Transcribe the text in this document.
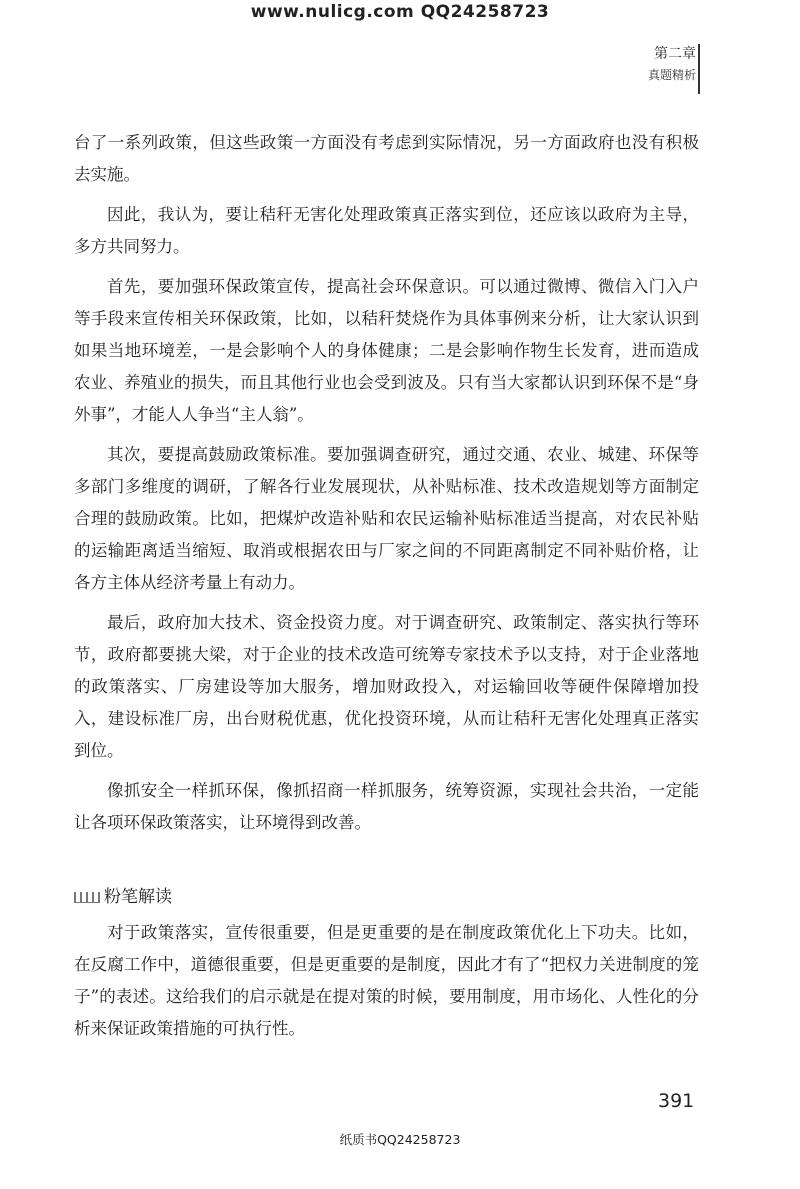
www.nulicg.com QQ24258723
第二章
真题精析

台了一系列政策，但这些政策一方面没有考虑到实际情况，另一方面政府也没有积极去实施。

因此，我认为，要让秸秆无害化处理政策真正落实到位，还应该以政府为主导，多方共同努力。

首先，要加强环保政策宣传，提高社会环保意识。可以通过微博、微信入门入户等手段来宣传相关环保政策，比如，以秸秆焚烧作为具体事例来分析，让大家认识到如果当地环境差，一是会影响个人的身体健康；二是会影响作物生长发育，进而造成农业、养殖业的损失，而且其他行业也会受到波及。只有当大家都认识到环保不是“身外事”，才能人人争当“主人翁”。

其次，要提高鼓励政策标准。要加强调查研究，通过交通、农业、城建、环保等多部门多维度的调研，了解各行业发展现状，从补贴标准、技术改造规划等方面制定合理的鼓励政策。比如，把煤炉改造补贴和农民运输补贴标准适当提高，对农民补贴的运输距离适当缩短、取消或根据农田与厂家之间的不同距离制定不同补贴价格，让各方主体从经济考量上有动力。

最后，政府加大技术、资金投资力度。对于调查研究、政策制定、落实执行等环节，政府都要挑大梁，对于企业的技术改造可统筹专家技术予以支持，对于企业落地的政策落实、厂房建设等加大服务，增加财政投入，对运输回收等硬件保障增加投入，建设标准厂房，出台财税优惠，优化投资环境，从而让秸秆无害化处理真正落实到位。

像抓安全一样抓环保，像抓招商一样抓服务，统筹资源，实现社会共治，一定能让各项环保政策落实，让环境得到改善。

粉笔解读

对于政策落实，宣传很重要，但是更重要的是在制度政策优化上下功夫。比如，在反腐工作中，道德很重要，但是更重要的是制度，因此才有了“把权力关进制度的笼子”的表述。这给我们的启示就是在提对策的时候，要用制度，用市场化、人性化的分析来保证政策措施的可执行性。

391
纸质书QQ24258723
